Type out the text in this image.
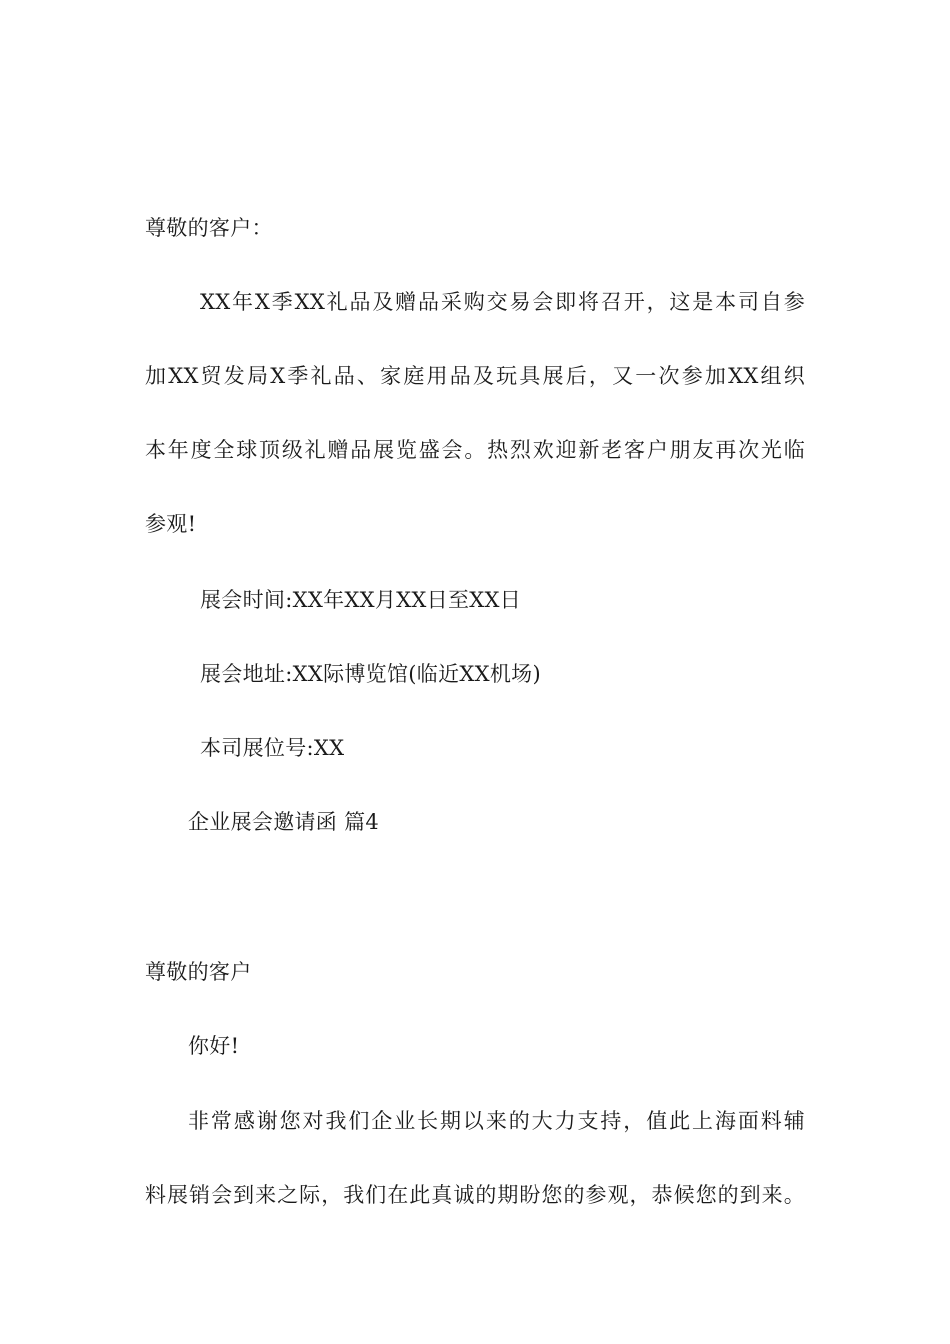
尊敬的客户：
XX年X季XX礼品及赠品采购交易会即将召开，这是本司自参
加XX贸发局X季礼品、家庭用品及玩具展后，又一次参加XX组织
本年度全球顶级礼赠品展览盛会。热烈欢迎新老客户朋友再次光临
参观!
展会时间:XX年XX月XX日至XX日
展会地址:XX际博览馆(临近XX机场)
本司展位号:XX
企业展会邀请函 篇4
尊敬的客户
你好!
非常感谢您对我们企业长期以来的大力支持，值此上海面料辅
料展销会到来之际，我们在此真诚的期盼您的参观，恭候您的到来。
